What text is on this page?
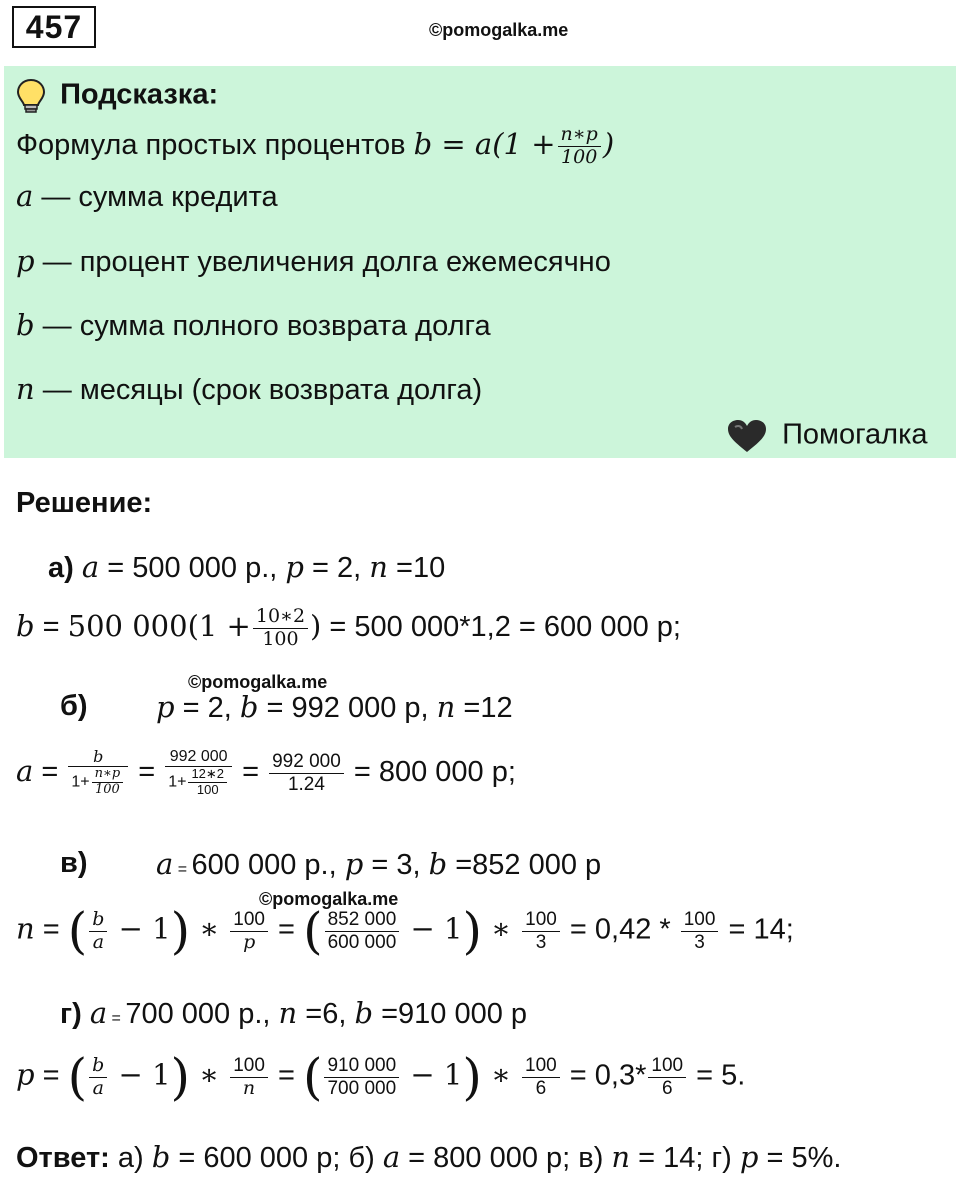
457	©pomogalka.me
Подсказка:
Формула простых процентов $b = a(1 + \frac{n∗p}{100}$ )
a — сумма кредита
p — процент увеличения долга ежемесячно
b — сумма полного возврата долга
n — месяцы (срок возврата долга)
Помогалка
Решение:
а) a = 500 000 р., p = 2, n =10
b = 500 $000(1 + \frac{10∗2}{100}$ ) = 500 000*1,2 = 600 000 р;
©pomogalka.me
б) p = 2, b = 992 000 р, n =12
$a = \frac{b}{1+ \frac{n∗p}{100}} = \frac{992 000}{1+ \frac{12∗2}{100}} = \frac{992 000}{1.24} = 800$ 000 р;
в) a = 600 000 р., p = 3, b =852 000 р
©pomogalka.me
n = ( $\frac{b}{a} - 1$) ∗ $\frac{100}{p}$ = ( $\frac{852 000}{600 000} - 1$) ∗ $\frac{100}{3} = 0,42 * \frac{100}{3} = 14$;
г) a = 700 000 р., n =6, b =910 000 р
p = ( $\frac{b}{a} - 1$) ∗ $\frac{100}{n}$ = ( $\frac{910 000}{700 000} - 1$) ∗ $\frac{100}{6} = 0,3* \frac{100}{6} = 5$.
Ответ: а) b = 600 000 р; б) a = 800 000 р; в) n = 14; г) p = 5%.
